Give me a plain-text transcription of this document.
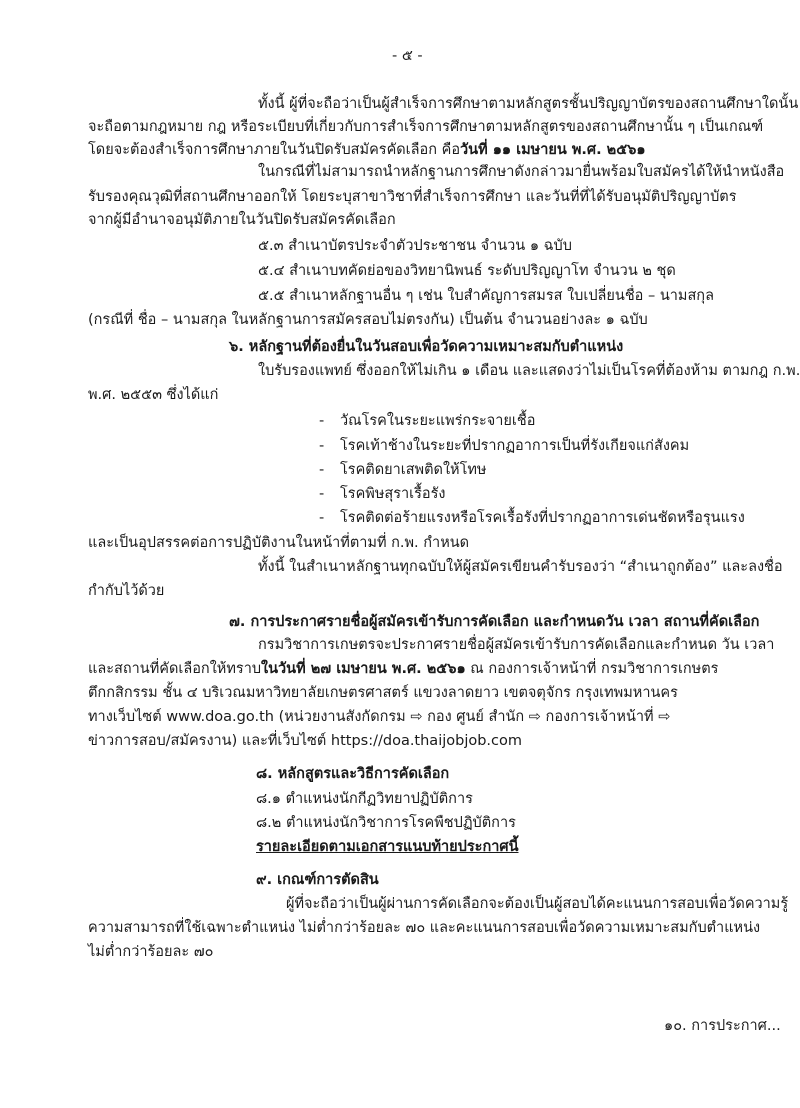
- ๕ -
ทั้งนี้ ผู้ที่จะถือว่าเป็นผู้สำเร็จการศึกษาตามหลักสูตรชั้นปริญญาบัตรของสถานศึกษาใดนั้น
จะถือตามกฎหมาย กฎ หรือระเบียบที่เกี่ยวกับการสำเร็จการศึกษาตามหลักสูตรของสถานศึกษานั้น ๆ เป็นเกณฑ์
โดยจะต้องสำเร็จการศึกษาภายในวันปิดรับสมัครคัดเลือก คือวันที่ ๑๑ เมษายน พ.ศ. ๒๕๖๑
ในกรณีที่ไม่สามารถนำหลักฐานการศึกษาดังกล่าวมายื่นพร้อมใบสมัครได้ให้นำหนังสือ
รับรองคุณวุฒิที่สถานศึกษาออกให้ โดยระบุสาขาวิชาที่สำเร็จการศึกษา และวันที่ที่ได้รับอนุมัติปริญญาบัตร
จากผู้มีอำนาจอนุมัติภายในวันปิดรับสมัครคัดเลือก
๕.๓ สำเนาบัตรประจำตัวประชาชน จำนวน ๑ ฉบับ
๕.๔ สำเนาบทคัดย่อของวิทยานิพนธ์ ระดับปริญญาโท จำนวน ๒ ชุด
๕.๕ สำเนาหลักฐานอื่น ๆ เช่น ใบสำคัญการสมรส ใบเปลี่ยนชื่อ – นามสกุล
(กรณีที่ ชื่อ – นามสกุล ในหลักฐานการสมัครสอบไม่ตรงกัน) เป็นต้น จำนวนอย่างละ ๑ ฉบับ
๖. หลักฐานที่ต้องยื่นในวันสอบเพื่อวัดความเหมาะสมกับตำแหน่ง
ใบรับรองแพทย์ ซึ่งออกให้ไม่เกิน ๑ เดือน และแสดงว่าไม่เป็นโรคที่ต้องห้าม ตามกฎ ก.พ.
พ.ศ. ๒๕๕๓ ซึ่งได้แก่
- วัณโรคในระยะแพร่กระจายเชื้อ
- โรคเท้าช้างในระยะที่ปรากฏอาการเป็นที่รังเกียจแก่สังคม
- โรคติดยาเสพติดให้โทษ
- โรคพิษสุราเรื้อรัง
- โรคติดต่อร้ายแรงหรือโรคเรื้อรังที่ปรากฏอาการเด่นชัดหรือรุนแรง
และเป็นอุปสรรคต่อการปฏิบัติงานในหน้าที่ตามที่ ก.พ. กำหนด
ทั้งนี้ ในสำเนาหลักฐานทุกฉบับให้ผู้สมัครเขียนคำรับรองว่า “สำเนาถูกต้อง” และลงชื่อ
กำกับไว้ด้วย
๗. การประกาศรายชื่อผู้สมัครเข้ารับการคัดเลือก และกำหนดวัน เวลา สถานที่คัดเลือก
กรมวิชาการเกษตรจะประกาศรายชื่อผู้สมัครเข้ารับการคัดเลือกและกำหนด วัน เวลา
และสถานที่คัดเลือกให้ทราบในวันที่ ๒๗ เมษายน พ.ศ. ๒๕๖๑ ณ กองการเจ้าหน้าที่ กรมวิชาการเกษตร
ตึกกสิกรรม ชั้น ๔ บริเวณมหาวิทยาลัยเกษตรศาสตร์ แขวงลาดยาว เขตจตุจักร กรุงเทพมหานคร
ทางเว็บไซต์ www.doa.go.th (หน่วยงานสังกัดกรม ⇨ กอง ศูนย์ สำนัก ⇨ กองการเจ้าหน้าที่ ⇨
ข่าวการสอบ/สมัครงาน) และที่เว็บไซต์ https://doa.thaijobjob.com
๘. หลักสูตรและวิธีการคัดเลือก
๘.๑ ตำแหน่งนักกีฏวิทยาปฏิบัติการ
๘.๒ ตำแหน่งนักวิชาการโรคพืชปฏิบัติการ
รายละเอียดตามเอกสารแนบท้ายประกาศนี้
๙. เกณฑ์การตัดสิน
ผู้ที่จะถือว่าเป็นผู้ผ่านการคัดเลือกจะต้องเป็นผู้สอบได้คะแนนการสอบเพื่อวัดความรู้
ความสามารถที่ใช้เฉพาะตำแหน่ง ไม่ต่ำกว่าร้อยละ ๗๐ และคะแนนการสอบเพื่อวัดความเหมาะสมกับตำแหน่ง
ไม่ต่ำกว่าร้อยละ ๗๐
๑๐. การประกาศ...
